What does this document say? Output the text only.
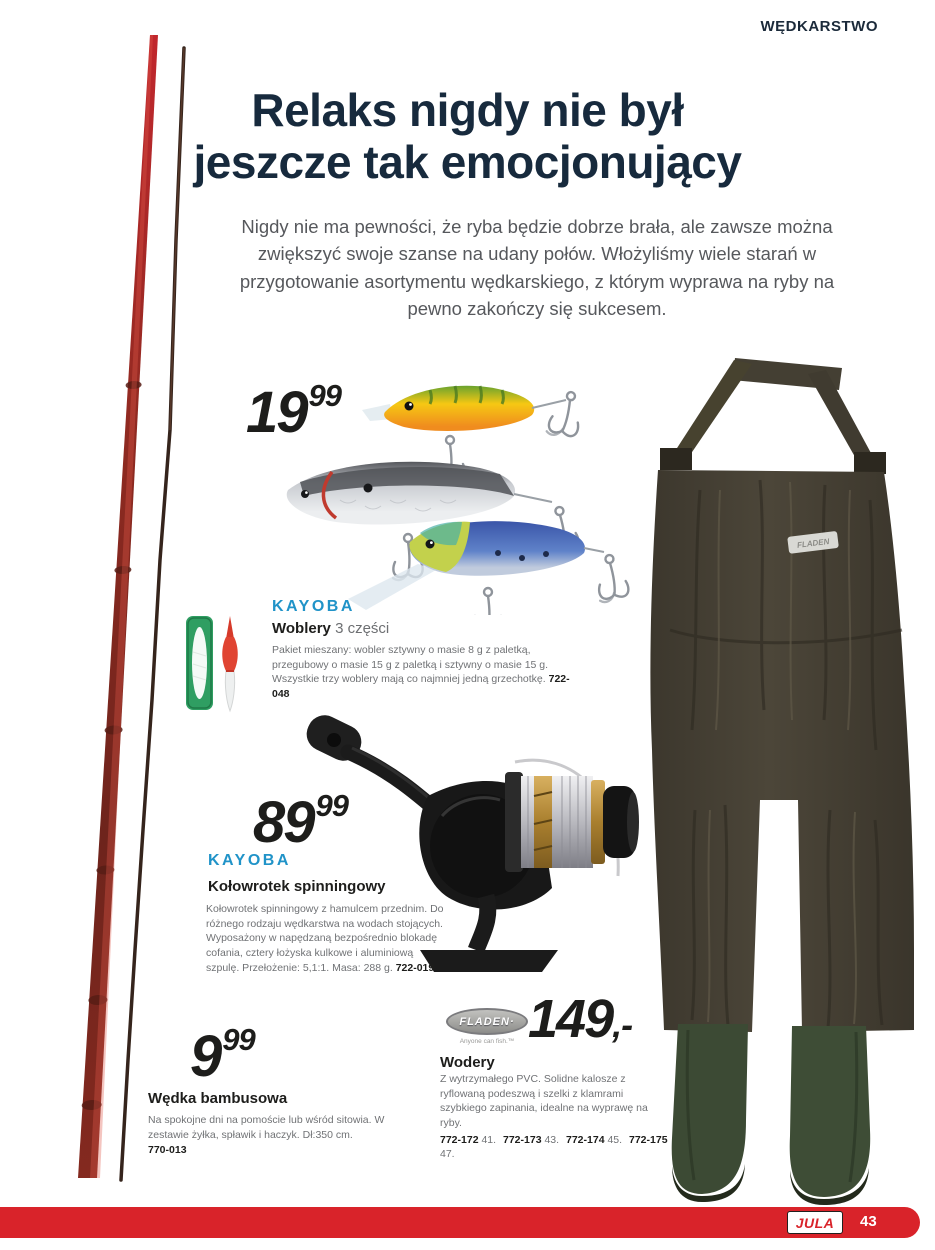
WĘDKARSTWO
Relaks nigdy nie był
jeszcze tak emocjonujący
Nigdy nie ma pewności, że ryba będzie dobrze brała, ale zawsze można zwiększyć swoje szanse na udany połów. Włożyliśmy wiele starań w przygotowanie asortymentu wędkarskiego, z którym wyprawa na ryby na pewno zakończy się sukcesem.
$19^{99}$
KAYOBA
Woblery 3 części
Pakiet mieszany: wobler sztywny o masie 8 g z paletką, przegubowy o masie 15 g z paletką i sztywny o masie 15 g. Wszystkie trzy woblery mają co najmniej jedną grzechotkę. 722-048
$89^{99}$
KAYOBA
Kołowrotek spinningowy
Kołowrotek spinningowy z hamulcem przednim. Do różnego rodzaju wędkarstwa na wodach stojących. Wyposażony w napędzaną bezpośrednio blokadę cofania, cztery łożyska kulkowe i aluminiową szpulę. Przełożenie: 5,1:1. Masa: 288 g. 722-019
$9^{99}$
Wędka bambusowa
Na spokojne dni na pomoście lub wśród sitowia. W zestawie żyłka, spławik i haczyk. Dł:350 cm.
770-013
FLADEN
149,-
FLADEN·
Anyone can fish.™
Wodery
Z wytrzymałego PVC. Solidne kalosze z ryflowaną podeszwą i szelki z klamrami szybkiego zapinania, idealne na wyprawę na ryby.
772-172 41. 772-173 43. 772-174 45. 772-175 47.
JULA 43
